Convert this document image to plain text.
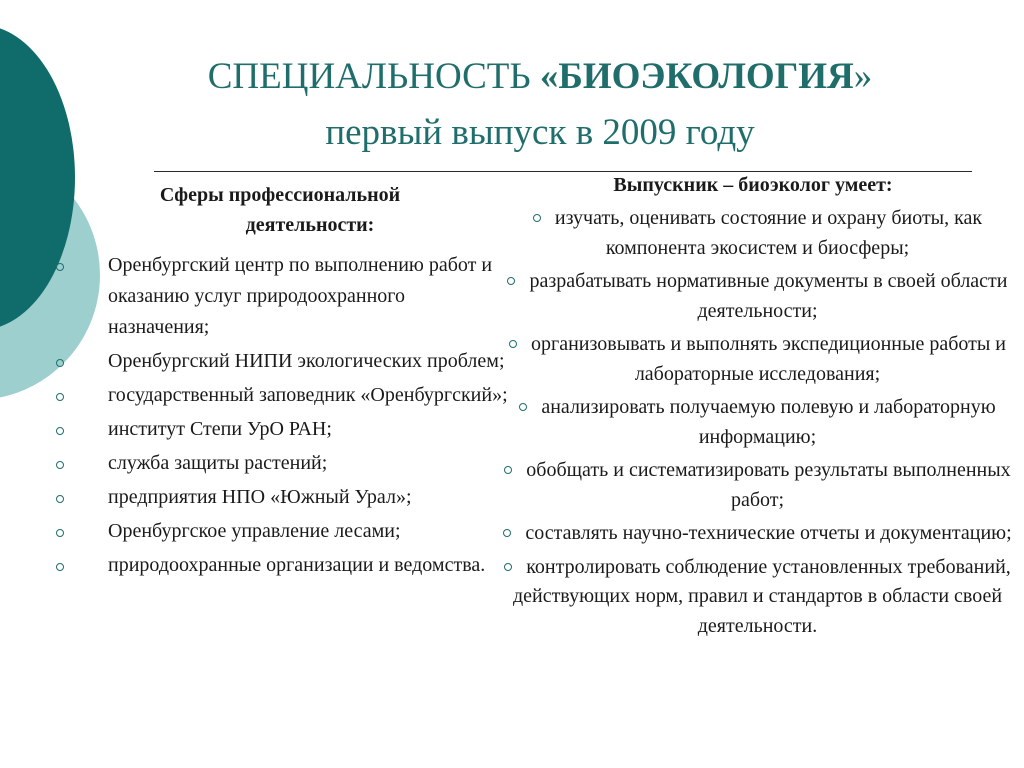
СПЕЦИАЛЬНОСТЬ «БИОЭКОЛОГИЯ»
первый выпуск в 2009 году
Сферы профессиональной
деятельности:
Оренбургский центр по выполнению работ и оказанию услуг природоохранного назначения;
Оренбургский НИПИ экологических проблем;
государственный заповедник «Оренбургский»;
институт Степи УрО РАН;
служба защиты растений;
предприятия НПО «Южный Урал»;
Оренбургское управление лесами;
природоохранные организации и ведомства.
Выпускник – биоэколог умеет:
изучать, оценивать состояние и охрану биоты, как компонента экосистем и биосферы;
разрабатывать нормативные документы в своей области деятельности;
организовывать и выполнять экспедиционные работы и лабораторные исследования;
анализировать получаемую полевую и лабораторную информацию;
обобщать и систематизировать результаты выполненных работ;
составлять научно-технические отчеты и документацию;
контролировать соблюдение установленных требований, действующих норм, правил и стандартов в области своей деятельности.
